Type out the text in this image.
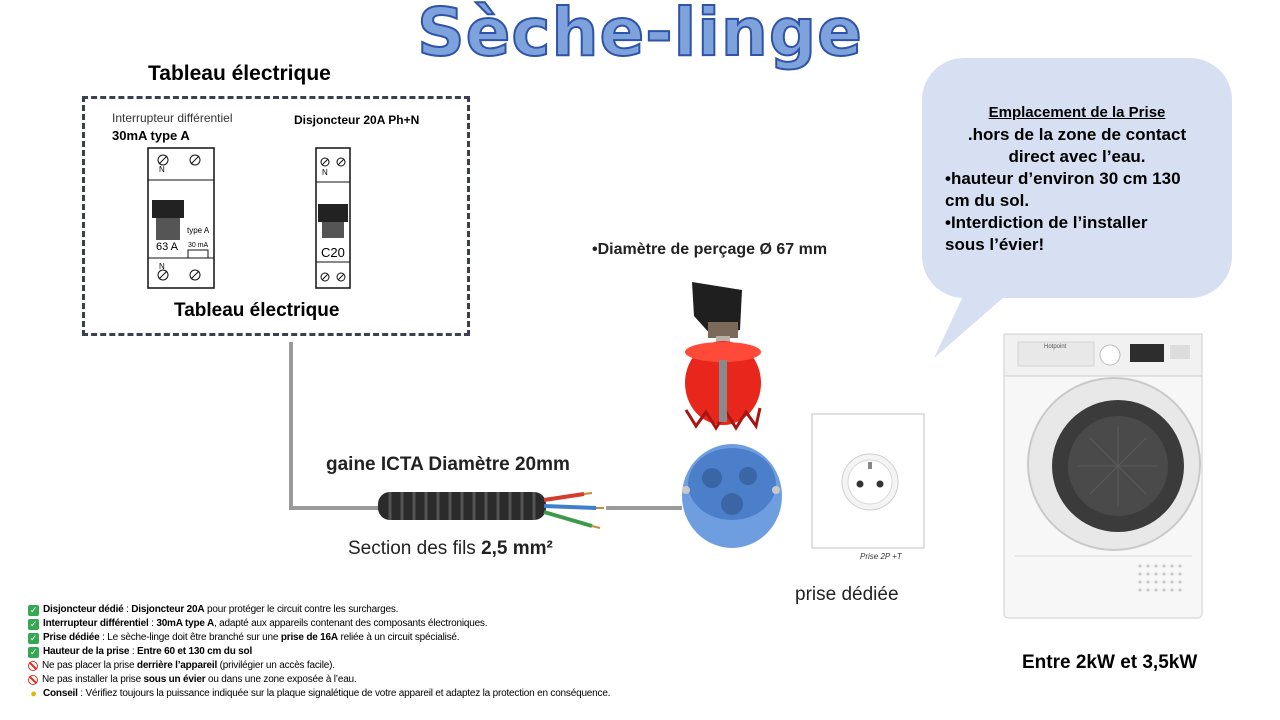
Sèche-linge
Tableau électrique
Interrupteur différentiel
30mA type A
Disjoncteur 20A Ph+N
Tableau électrique
N
N
type A
63 A 30 mA
N
C20
gaine ICTA Diamètre 20mm
Section des fils 2,5 mm²
•Diamètre de perçage Ø 67 mm
Prise 2P +T
prise dédiée
Emplacement de la Prise
.hors de la zone de contact
direct avec l’eau.
•hauteur d’environ 30 cm 130
cm du sol.
•Interdiction de l’installer
sous l’évier!
Hotpoint
Entre 2kW et 3,5kW
✓ Disjoncteur dédié : Disjoncteur 20A pour protéger le circuit contre les surcharges.
✓ Interrupteur différentiel : 30mA type A, adapté aux appareils contenant des composants électroniques.
✓ Prise dédiée : Le sèche-linge doit être branché sur une prise de 16A reliée à un circuit spécialisé.
✓ Hauteur de la prise : Entre 60 et 130 cm du sol
Ne pas placer la prise derrière l’appareil (privilégier un accès facile).
Ne pas installer la prise sous un évier ou dans une zone exposée à l’eau.
● Conseil : Vérifiez toujours la puissance indiquée sur la plaque signalétique de votre appareil et adaptez la protection en conséquence.
